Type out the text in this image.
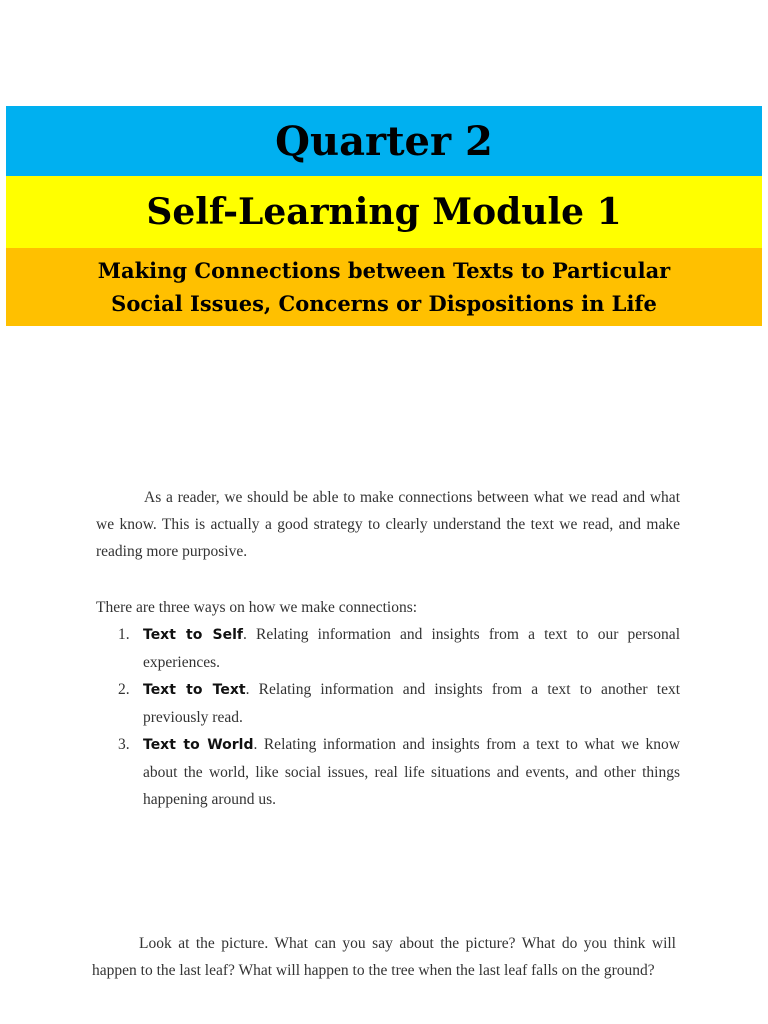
Quarter 2
Self-Learning Module 1
Making Connections between Texts to Particular
Social Issues, Concerns or Dispositions in Life

As a reader, we should be able to make connections between what we read and what we know. This is actually a good strategy to clearly understand the text we read, and make reading more purposive.

There are three ways on how we make connections:

1. Text to Self. Relating information and insights from a text to our personal experiences.
2. Text to Text. Relating information and insights from a text to another text previously read.
3. Text to World. Relating information and insights from a text to what we know about the world, like social issues, real life situations and events, and other things happening around us.

Look at the picture. What can you say about the picture? What do you think will happen to the last leaf? What will happen to the tree when the last leaf falls on the ground?
